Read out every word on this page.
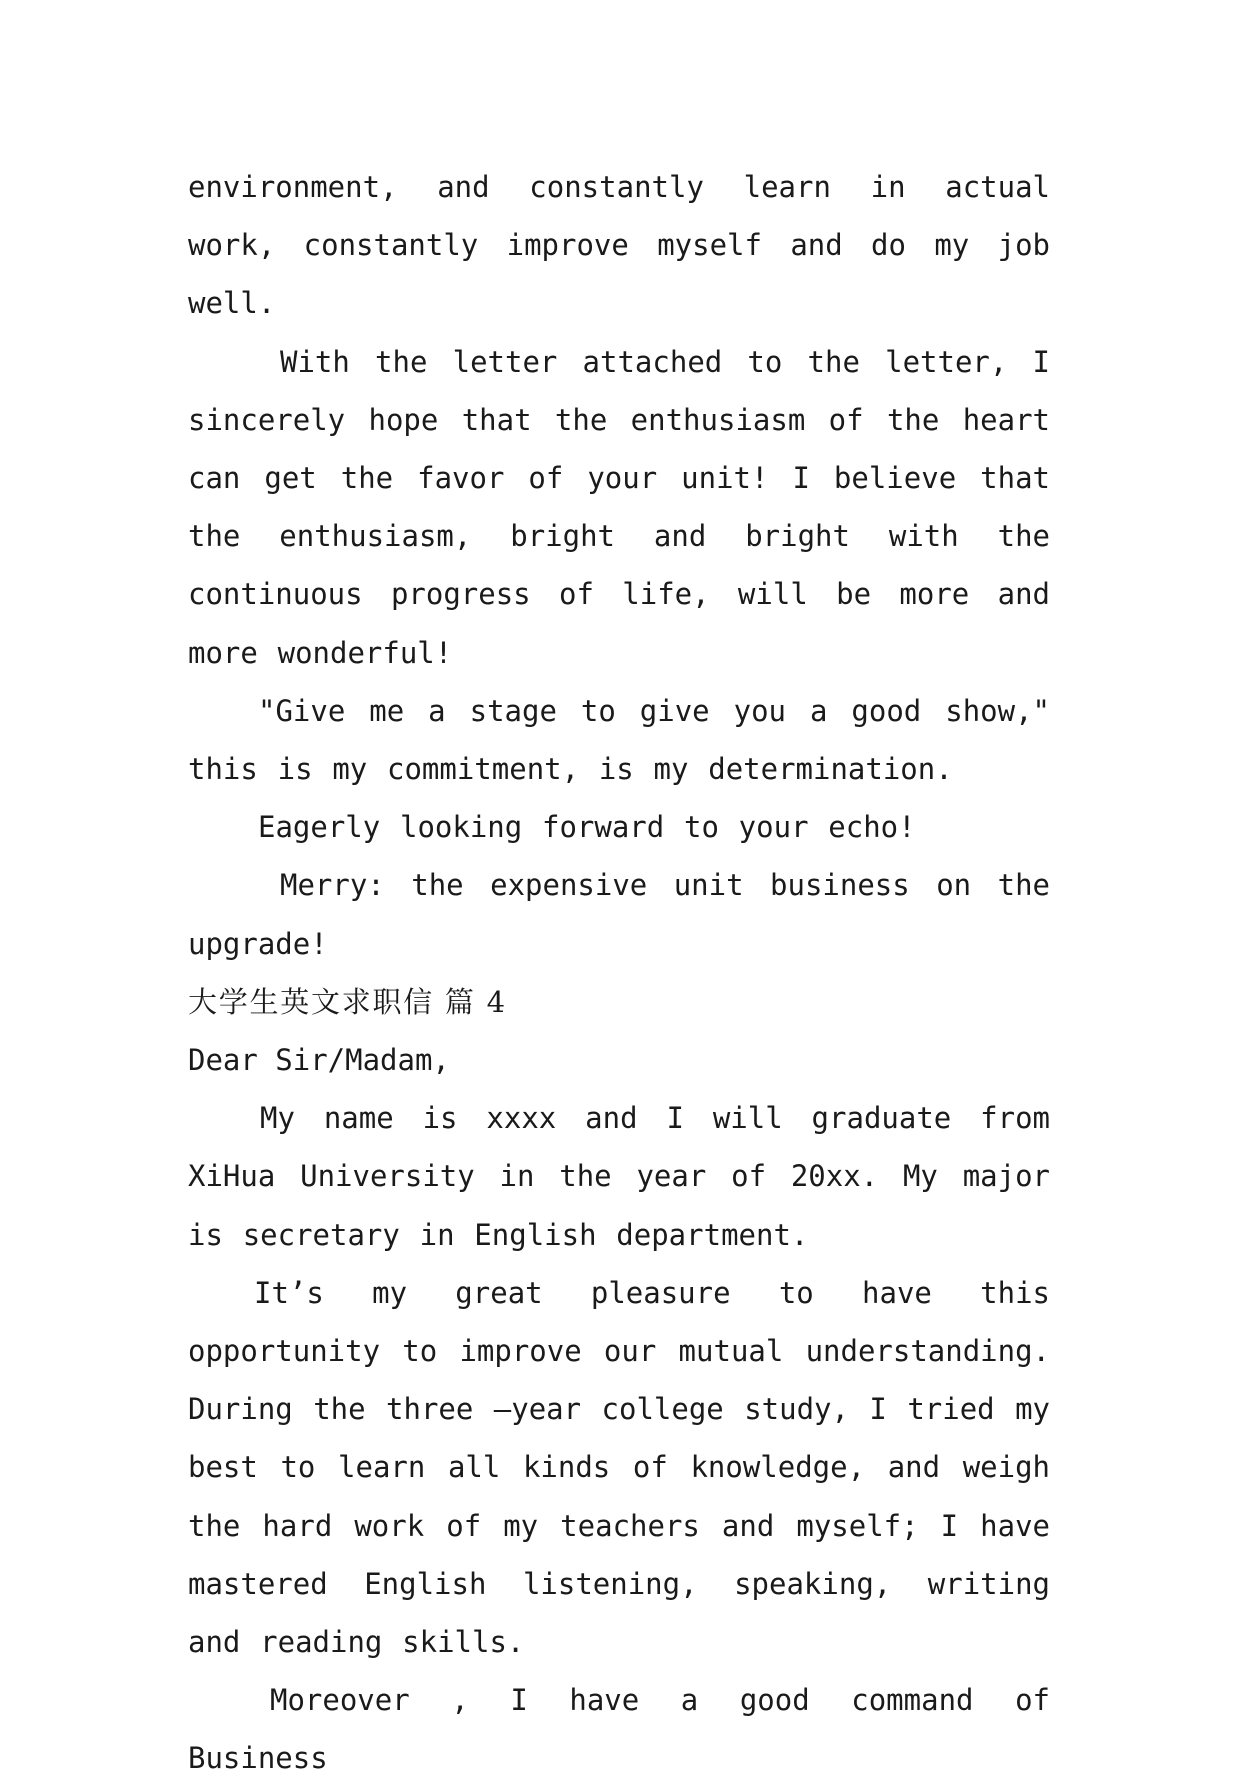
environment, and constantly learn in actual work, constantly improve myself and do my job well.

With the letter attached to the letter, I sincerely hope that the enthusiasm of the heart can get the favor of your unit! I believe that the enthusiasm, bright and bright with the continuous progress of life, will be more and more wonderful!

"Give me a stage to give you a good show," this is my commitment, is my determination.

Eagerly looking forward to your echo!

Merry: the expensive unit business on the upgrade!

大学生英文求职信 篇 4

Dear Sir/Madam,

My name is xxxx and I will graduate from XiHua University in the year of 20xx. My major is secretary in English department.

It’s my great pleasure to have this opportunity to improve our mutual understanding. During the three –year college study, I tried my best to learn all kinds of knowledge, and weigh the hard work of my teachers and myself; I have mastered English listening, speaking, writing and reading skills.

Moreover , I have a good command of Business
